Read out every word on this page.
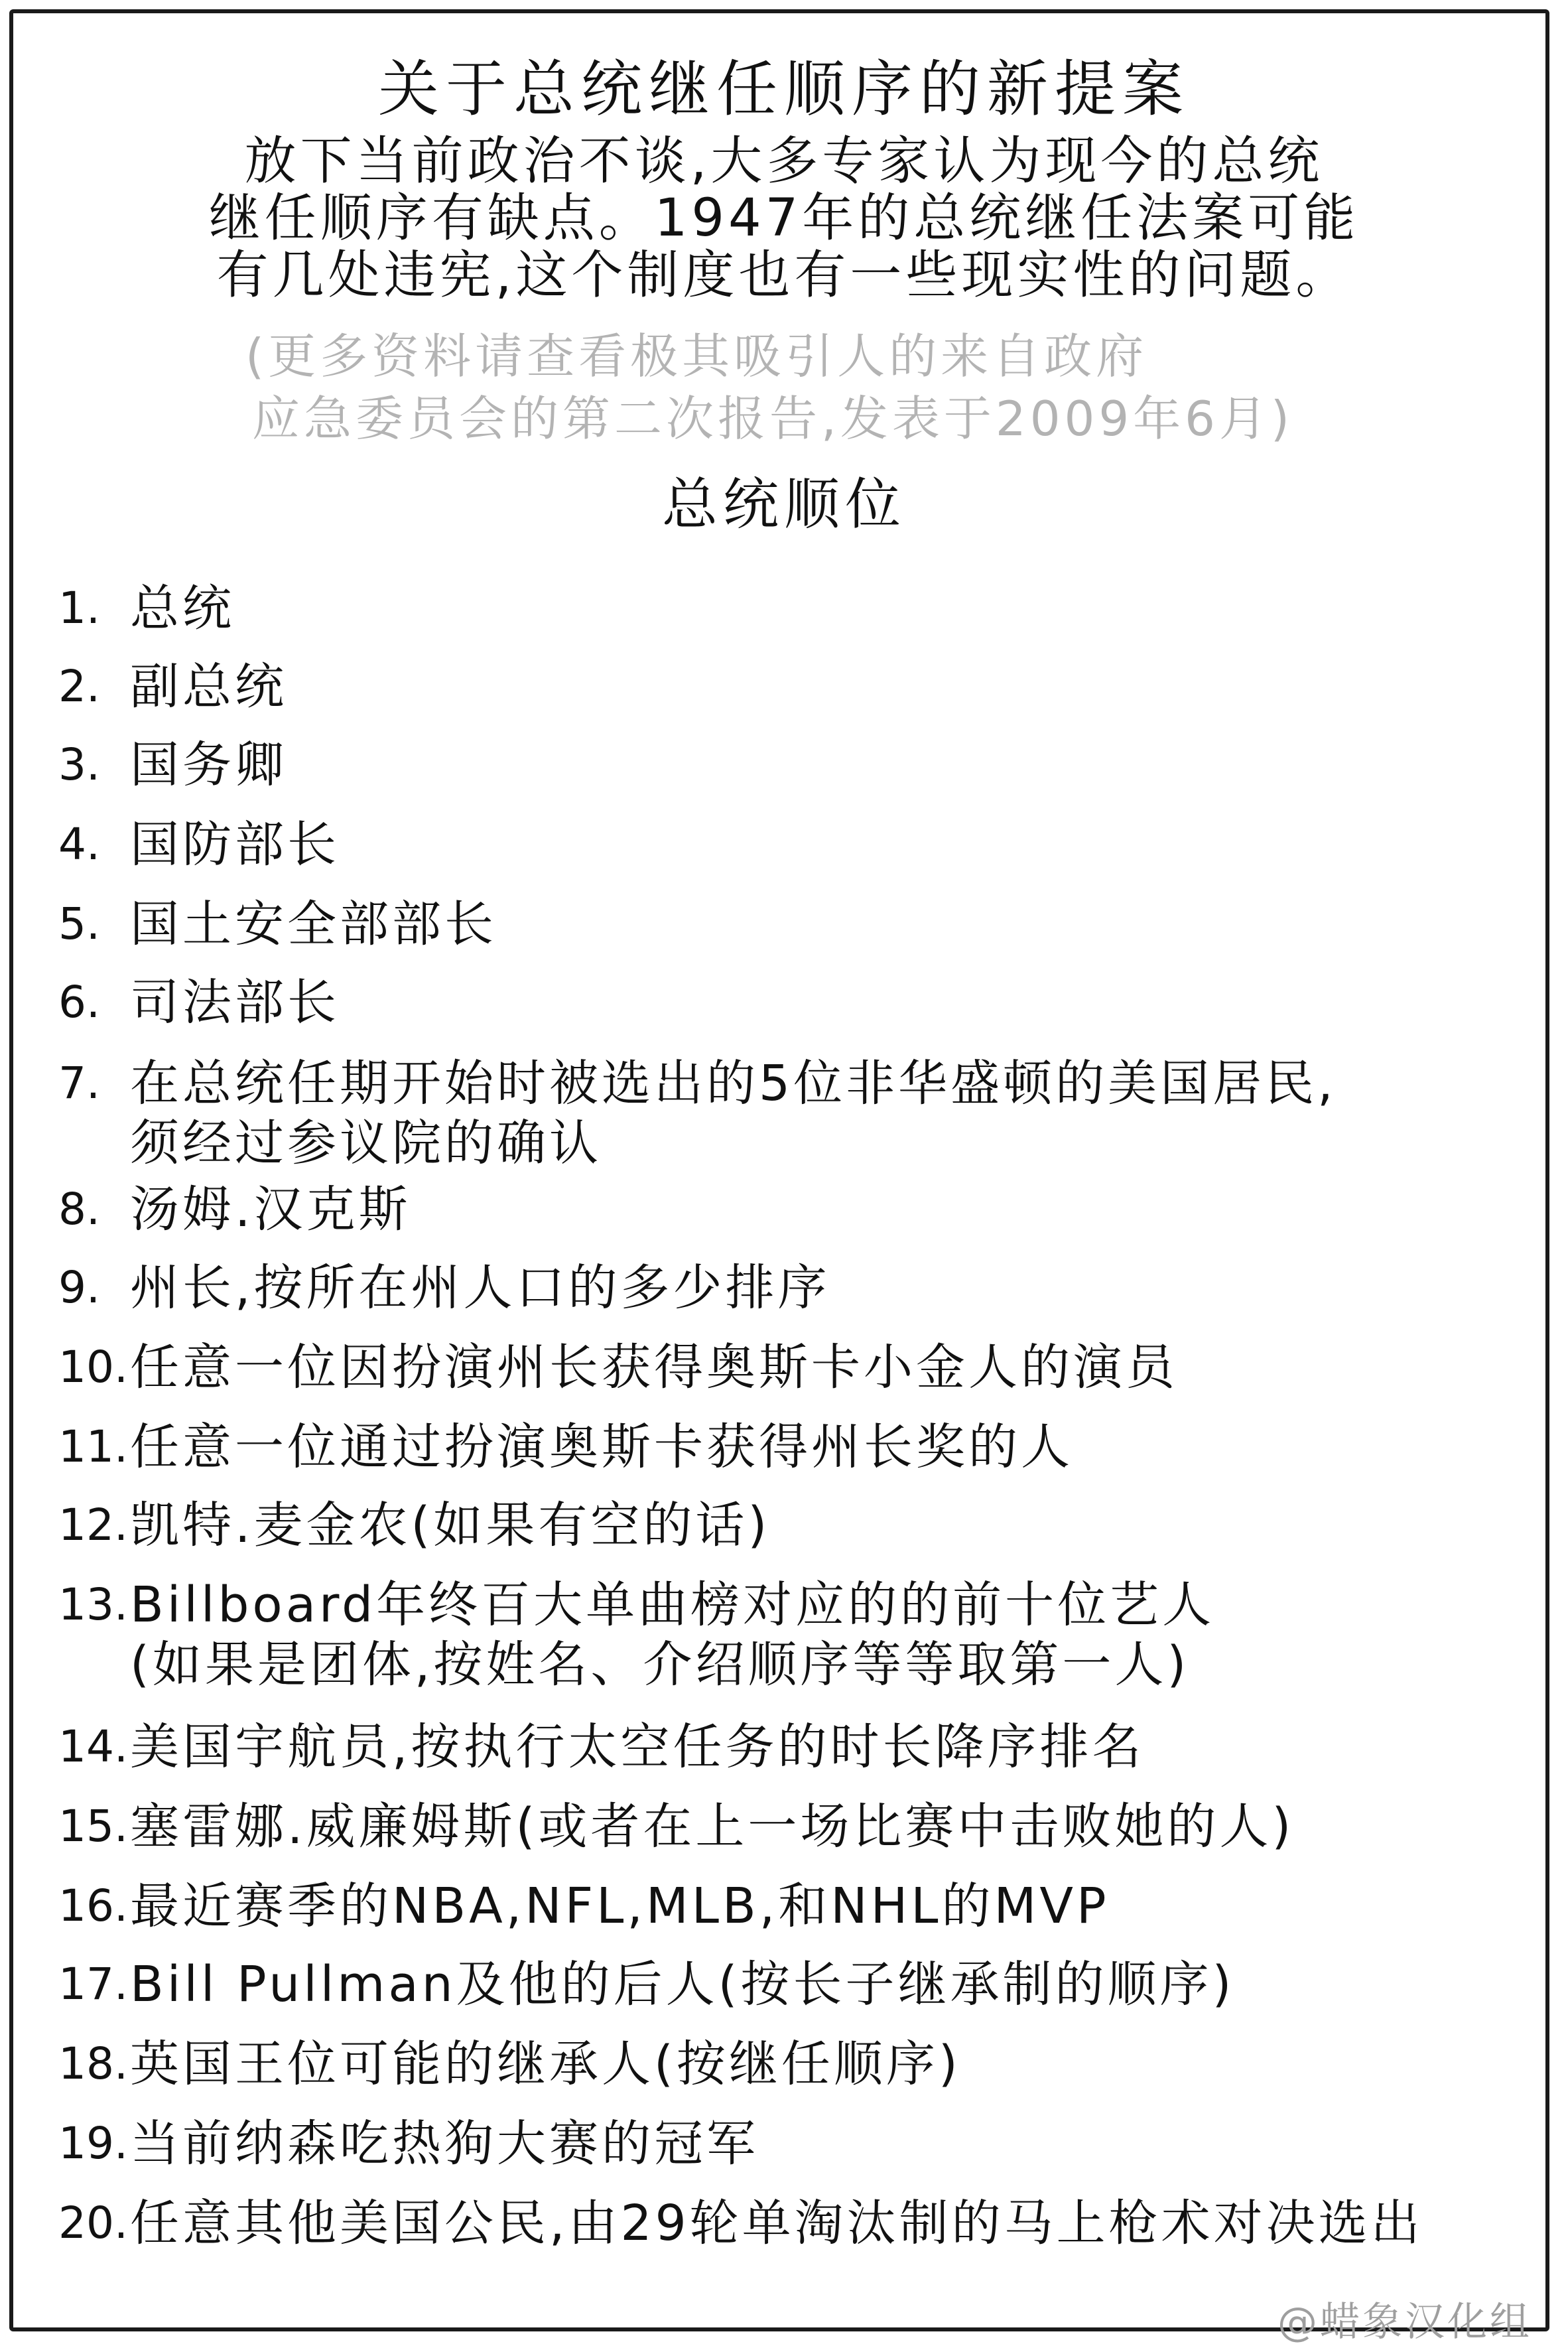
关于总统继任顺序的新提案
放下当前政治不谈,大多专家认为现今的总统
继任顺序有缺点。1947年的总统继任法案可能
有几处违宪,这个制度也有一些现实性的问题。
(更多资料请查看极其吸引人的来自政府
应急委员会的第二次报告,发表于2009年6月)
总统顺位
1. 总统
2. 副总统
3. 国务卿
4. 国防部长
5. 国土安全部部长
6. 司法部长
7. 在总统任期开始时被选出的5位非华盛顿的美国居民,
须经过参议院的确认
8. 汤姆.汉克斯
9. 州长,按所在州人口的多少排序
10. 任意一位因扮演州长获得奥斯卡小金人的演员
11. 任意一位通过扮演奥斯卡获得州长奖的人
12. 凯特.麦金农(如果有空的话)
13. Billboard年终百大单曲榜对应的的前十位艺人
(如果是团体,按姓名、介绍顺序等等取第一人)
14. 美国宇航员,按执行太空任务的时长降序排名
15. 塞雷娜.威廉姆斯(或者在上一场比赛中击败她的人)
16. 最近赛季的NBA,NFL,MLB,和NHL的MVP
17. Bill Pullman及他的后人(按长子继承制的顺序)
18. 英国王位可能的继承人(按继任顺序)
19. 当前纳森吃热狗大赛的冠军
20. 任意其他美国公民,由29轮单淘汰制的马上枪术对决选出
@蜡象汉化组
